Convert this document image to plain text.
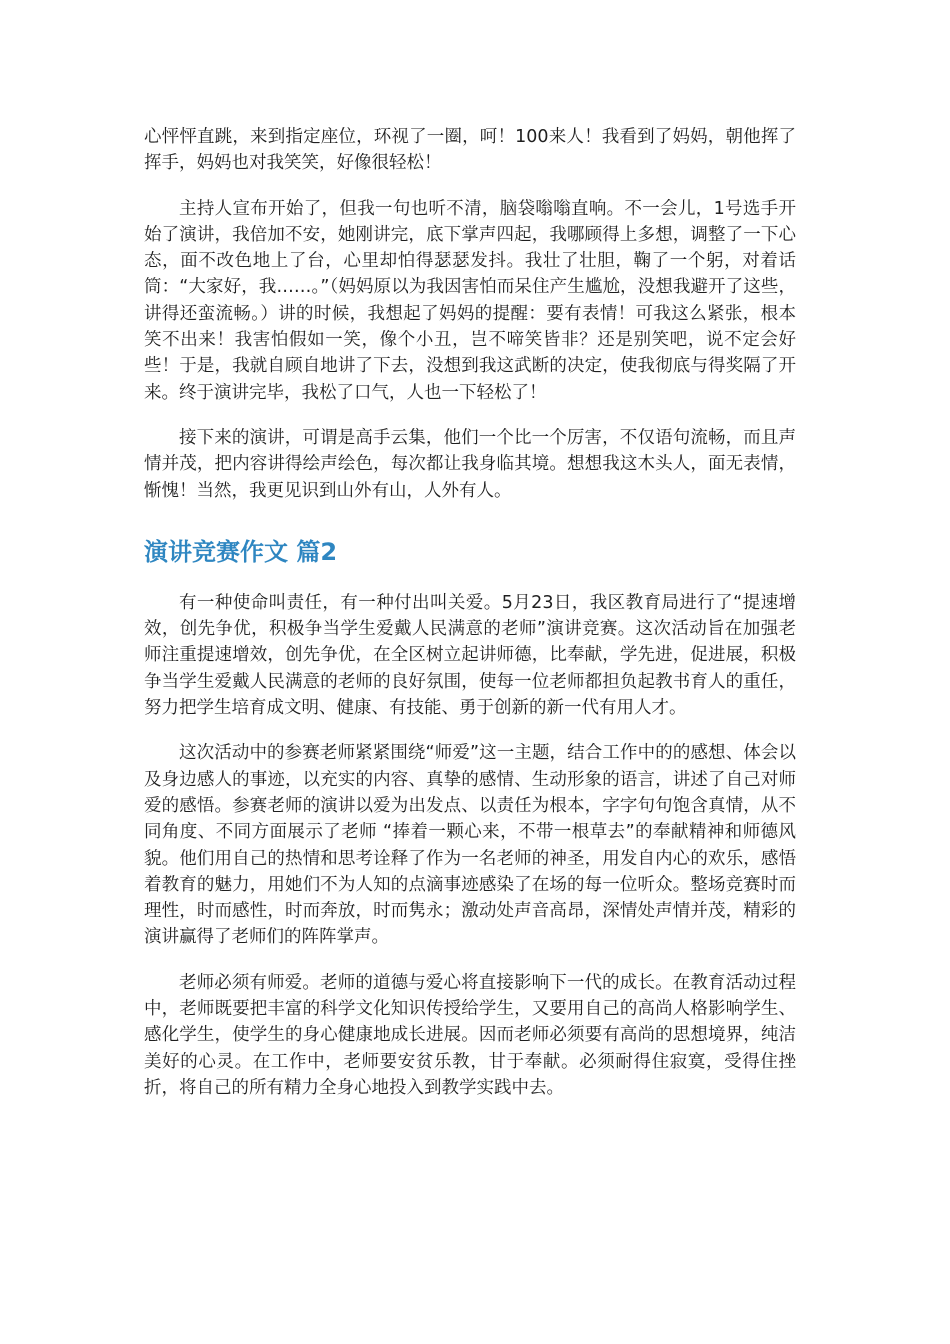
心怦怦直跳，来到指定座位，环视了一圈，呵！100来人！我看到了妈妈，朝他挥了挥手，妈妈也对我笑笑，好像很轻松！

主持人宣布开始了，但我一句也听不清，脑袋嗡嗡直响。不一会儿，1号选手开始了演讲，我倍加不安，她刚讲完，底下掌声四起，我哪顾得上多想，调整了一下心态，面不改色地上了台，心里却怕得瑟瑟发抖。我壮了壮胆，鞠了一个躬，对着话筒：“大家好，我……。”（妈妈原以为我因害怕而呆住产生尴尬，没想我避开了这些，讲得还蛮流畅。）讲的时候，我想起了妈妈的提醒：要有表情！可我这么紧张，根本笑不出来！我害怕假如一笑，像个小丑，岂不啼笑皆非？还是别笑吧，说不定会好些！于是，我就自顾自地讲了下去，没想到我这武断的决定，使我彻底与得奖隔了开来。终于演讲完毕，我松了口气，人也一下轻松了！

接下来的演讲，可谓是高手云集，他们一个比一个厉害，不仅语句流畅，而且声情并茂，把内容讲得绘声绘色，每次都让我身临其境。想想我这木头人，面无表情，惭愧！当然，我更见识到山外有山，人外有人。

演讲竞赛作文 篇2

有一种使命叫责任，有一种付出叫关爱。5月23日，我区教育局进行了“提速增效，创先争优，积极争当学生爱戴人民满意的老师”演讲竞赛。这次活动旨在加强老师注重提速增效，创先争优，在全区树立起讲师德，比奉献，学先进，促进展，积极争当学生爱戴人民满意的老师的良好氛围，使每一位老师都担负起教书育人的重任，努力把学生培育成文明、健康、有技能、勇于创新的新一代有用人才。

这次活动中的参赛老师紧紧围绕“师爱”这一主题，结合工作中的的感想、体会以及身边感人的事迹，以充实的内容、真挚的感情、生动形象的语言，讲述了自己对师爱的感悟。参赛老师的演讲以爱为出发点、以责任为根本，字字句句饱含真情，从不同角度、不同方面展示了老师 “捧着一颗心来，不带一根草去”的奉献精神和师德风貌。他们用自己的热情和思考诠释了作为一名老师的神圣，用发自内心的欢乐，感悟着教育的魅力，用她们不为人知的点滴事迹感染了在场的每一位听众。整场竞赛时而理性，时而感性，时而奔放，时而隽永；激动处声音高昂，深情处声情并茂，精彩的演讲赢得了老师们的阵阵掌声。

老师必须有师爱。老师的道德与爱心将直接影响下一代的成长。在教育活动过程中，老师既要把丰富的科学文化知识传授给学生，又要用自己的高尚人格影响学生、感化学生，使学生的身心健康地成长进展。因而老师必须要有高尚的思想境界，纯洁美好的心灵。在工作中，老师要安贫乐教，甘于奉献。必须耐得住寂寞，受得住挫折，将自己的所有精力全身心地投入到教学实践中去。
